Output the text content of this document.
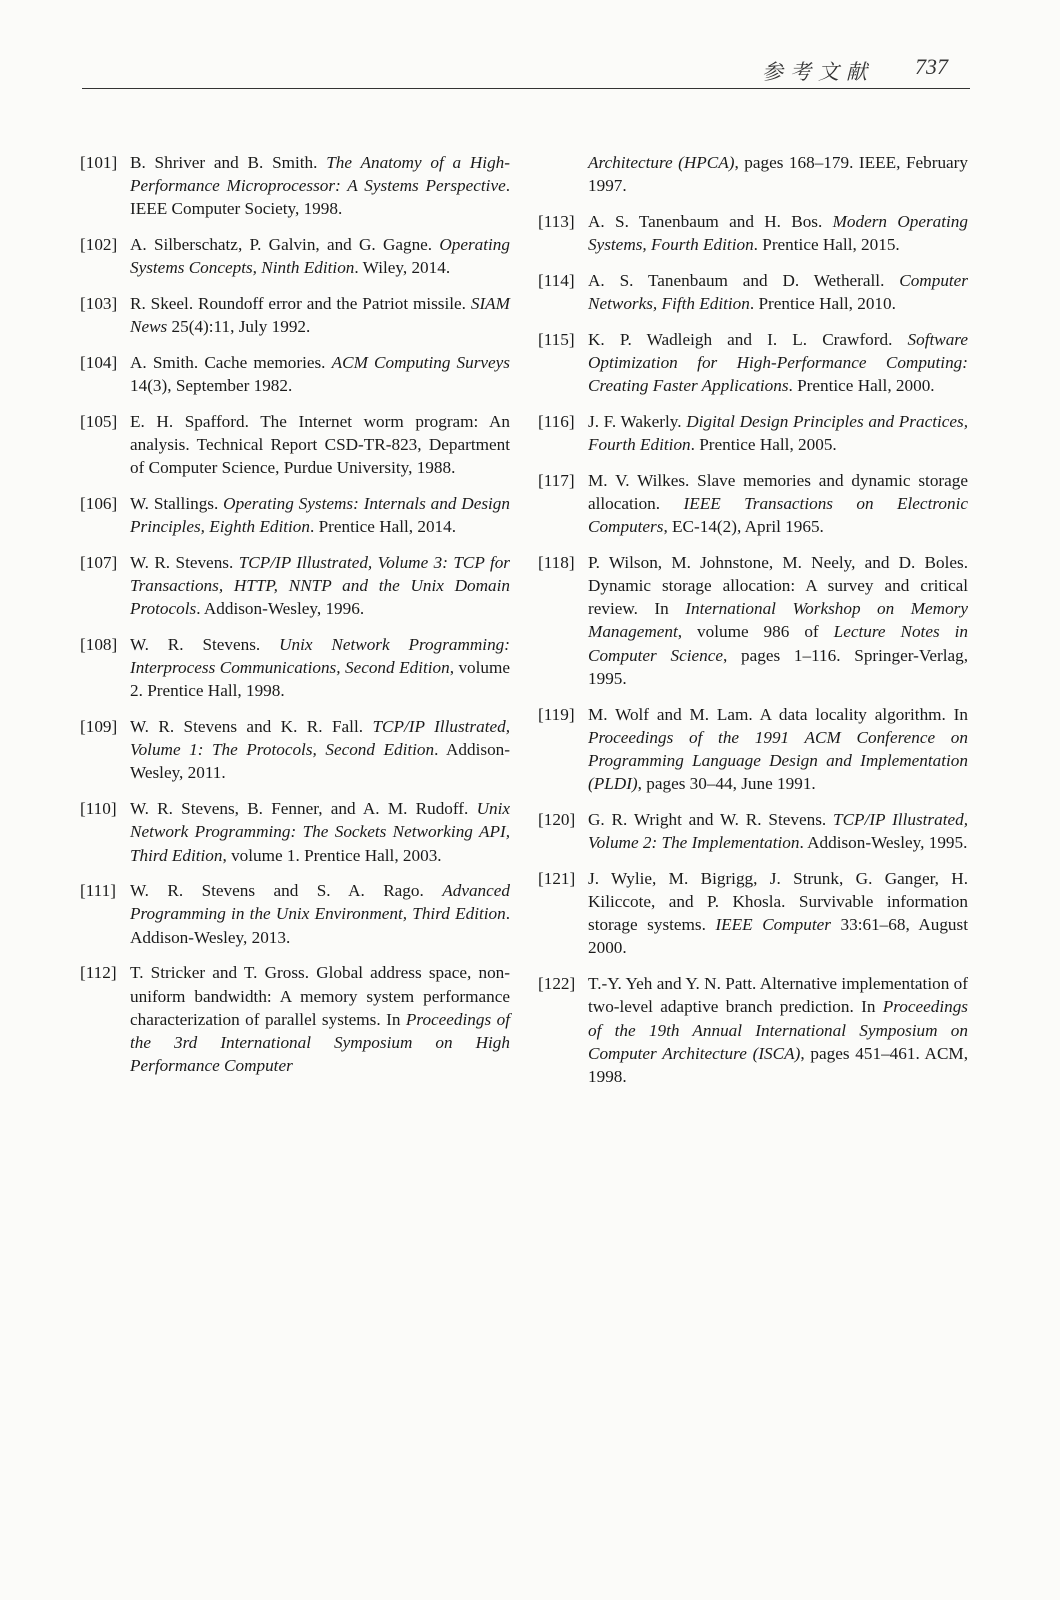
参考文献 737
[101] B. Shriver and B. Smith. The Anatomy of a High-Performance Microprocessor: A Systems Perspective. IEEE Computer Society, 1998.
[102] A. Silberschatz, P. Galvin, and G. Gagne. Operating Systems Concepts, Ninth Edition. Wiley, 2014.
[103] R. Skeel. Roundoff error and the Patriot missile. SIAM News 25(4):11, July 1992.
[104] A. Smith. Cache memories. ACM Computing Surveys 14(3), September 1982.
[105] E. H. Spafford. The Internet worm program: An analysis. Technical Report CSD-TR-823, Department of Computer Science, Purdue University, 1988.
[106] W. Stallings. Operating Systems: Internals and Design Principles, Eighth Edition. Prentice Hall, 2014.
[107] W. R. Stevens. TCP/IP Illustrated, Volume 3: TCP for Transactions, HTTP, NNTP and the Unix Domain Protocols. Addison-Wesley, 1996.
[108] W. R. Stevens. Unix Network Programming: Interprocess Communications, Second Edition, volume 2. Prentice Hall, 1998.
[109] W. R. Stevens and K. R. Fall. TCP/IP Illustrated, Volume 1: The Protocols, Second Edition. Addison-Wesley, 2011.
[110] W. R. Stevens, B. Fenner, and A. M. Rudoff. Unix Network Programming: The Sockets Networking API, Third Edition, volume 1. Prentice Hall, 2003.
[111] W. R. Stevens and S. A. Rago. Advanced Programming in the Unix Environment, Third Edition. Addison-Wesley, 2013.
[112] T. Stricker and T. Gross. Global address space, non-uniform bandwidth: A memory system performance characterization of parallel systems. In Proceedings of the 3rd International Symposium on High Performance Computer
Architecture (HPCA), pages 168–179. IEEE, February 1997.
[113] A. S. Tanenbaum and H. Bos. Modern Operating Systems, Fourth Edition. Prentice Hall, 2015.
[114] A. S. Tanenbaum and D. Wetherall. Computer Networks, Fifth Edition. Prentice Hall, 2010.
[115] K. P. Wadleigh and I. L. Crawford. Software Optimization for High-Performance Computing: Creating Faster Applications. Prentice Hall, 2000.
[116] J. F. Wakerly. Digital Design Principles and Practices, Fourth Edition. Prentice Hall, 2005.
[117] M. V. Wilkes. Slave memories and dynamic storage allocation. IEEE Transactions on Electronic Computers, EC-14(2), April 1965.
[118] P. Wilson, M. Johnstone, M. Neely, and D. Boles. Dynamic storage allocation: A survey and critical review. In International Workshop on Memory Management, volume 986 of Lecture Notes in Computer Science, pages 1–116. Springer-Verlag, 1995.
[119] M. Wolf and M. Lam. A data locality algorithm. In Proceedings of the 1991 ACM Conference on Programming Language Design and Implementation (PLDI), pages 30–44, June 1991.
[120] G. R. Wright and W. R. Stevens. TCP/IP Illustrated, Volume 2: The Implementation. Addison-Wesley, 1995.
[121] J. Wylie, M. Bigrigg, J. Strunk, G. Ganger, H. Kiliccote, and P. Khosla. Survivable information storage systems. IEEE Computer 33:61–68, August 2000.
[122] T.-Y. Yeh and Y. N. Patt. Alternative implementation of two-level adaptive branch prediction. In Proceedings of the 19th Annual International Symposium on Computer Architecture (ISCA), pages 451–461. ACM, 1998.
